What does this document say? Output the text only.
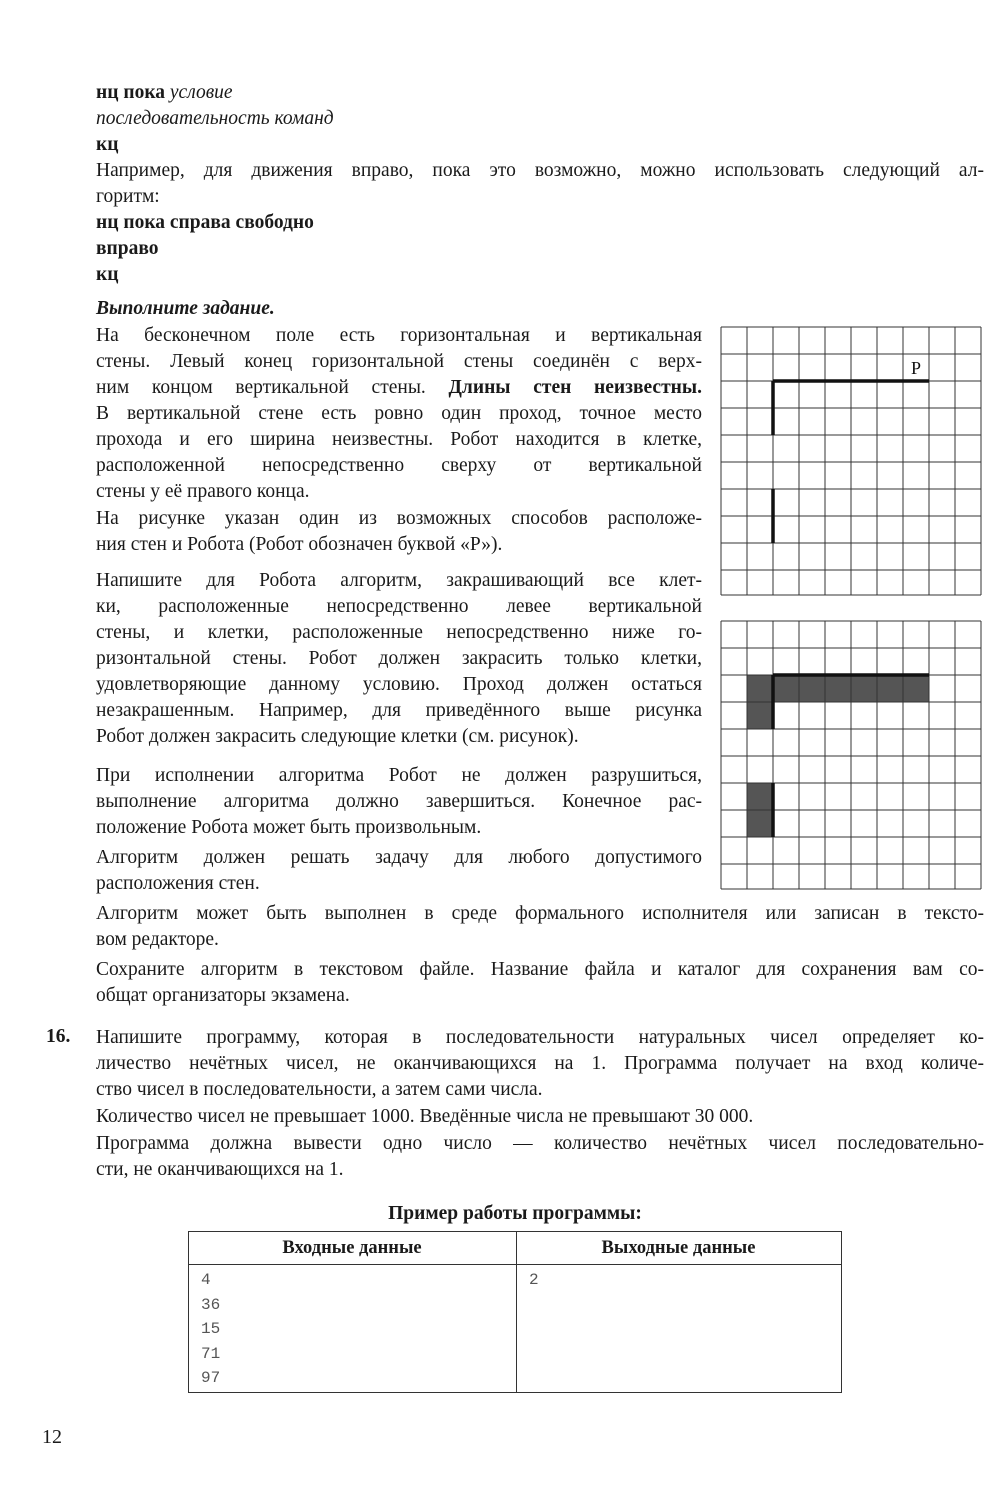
нц пока условие

последовательность команд

кц

Например, для движения вправо, пока это возможно, можно использовать следующий ал-

горитм:

нц пока справа свободно

вправо

кц

Выполните задание.

На бесконечном поле есть горизонтальная и вертикальная

стены. Левый конец горизонтальной стены соединён с верх-

ним концом вертикальной стены. Длины стен неизвестны.

В вертикальной стене есть ровно один проход, точное место

прохода и его ширина неизвестны. Робот находится в клетке,

расположенной непосредственно сверху от вертикальной

стены у её правого конца.

На рисунке указан один из возможных способов расположе-

ния стен и Робота (Робот обозначен буквой «Р»).

Напишите для Робота алгоритм, закрашивающий все клет-

ки, расположенные непосредственно левее вертикальной

стены, и клетки, расположенные непосредственно ниже го-

ризонтальной стены. Робот должен закрасить только клетки,

удовлетворяющие данному условию. Проход должен остаться

незакрашенным. Например, для приведённого выше рисунка

Робот должен закрасить следующие клетки (см. рисунок).

При исполнении алгоритма Робот не должен разрушиться,

выполнение алгоритма должно завершиться. Конечное рас-

положение Робота может быть произвольным.

Алгоритм должен решать задачу для любого допустимого

расположения стен.

Алгоритм может быть выполнен в среде формального исполнителя или записан в тексто-

вом редакторе.

Сохраните алгоритм в текстовом файле. Название файла и каталог для сохранения вам со-

общат организаторы экзамена.

Р

16. Напишите программу, которая в последовательности натуральных чисел определяет ко-

личество нечётных чисел, не оканчивающихся на 1. Программа получает на вход количе-

ство чисел в последовательности, а затем сами числа.

Количество чисел не превышает 1000. Введённые числа не превышают 30 000.

Программа должна вывести одно число — количество нечётных чисел последовательно-

сти, не оканчивающихся на 1.

Пример работы программы:

Входные данные	Выходные данные
4
36
15
71
97
2

12
